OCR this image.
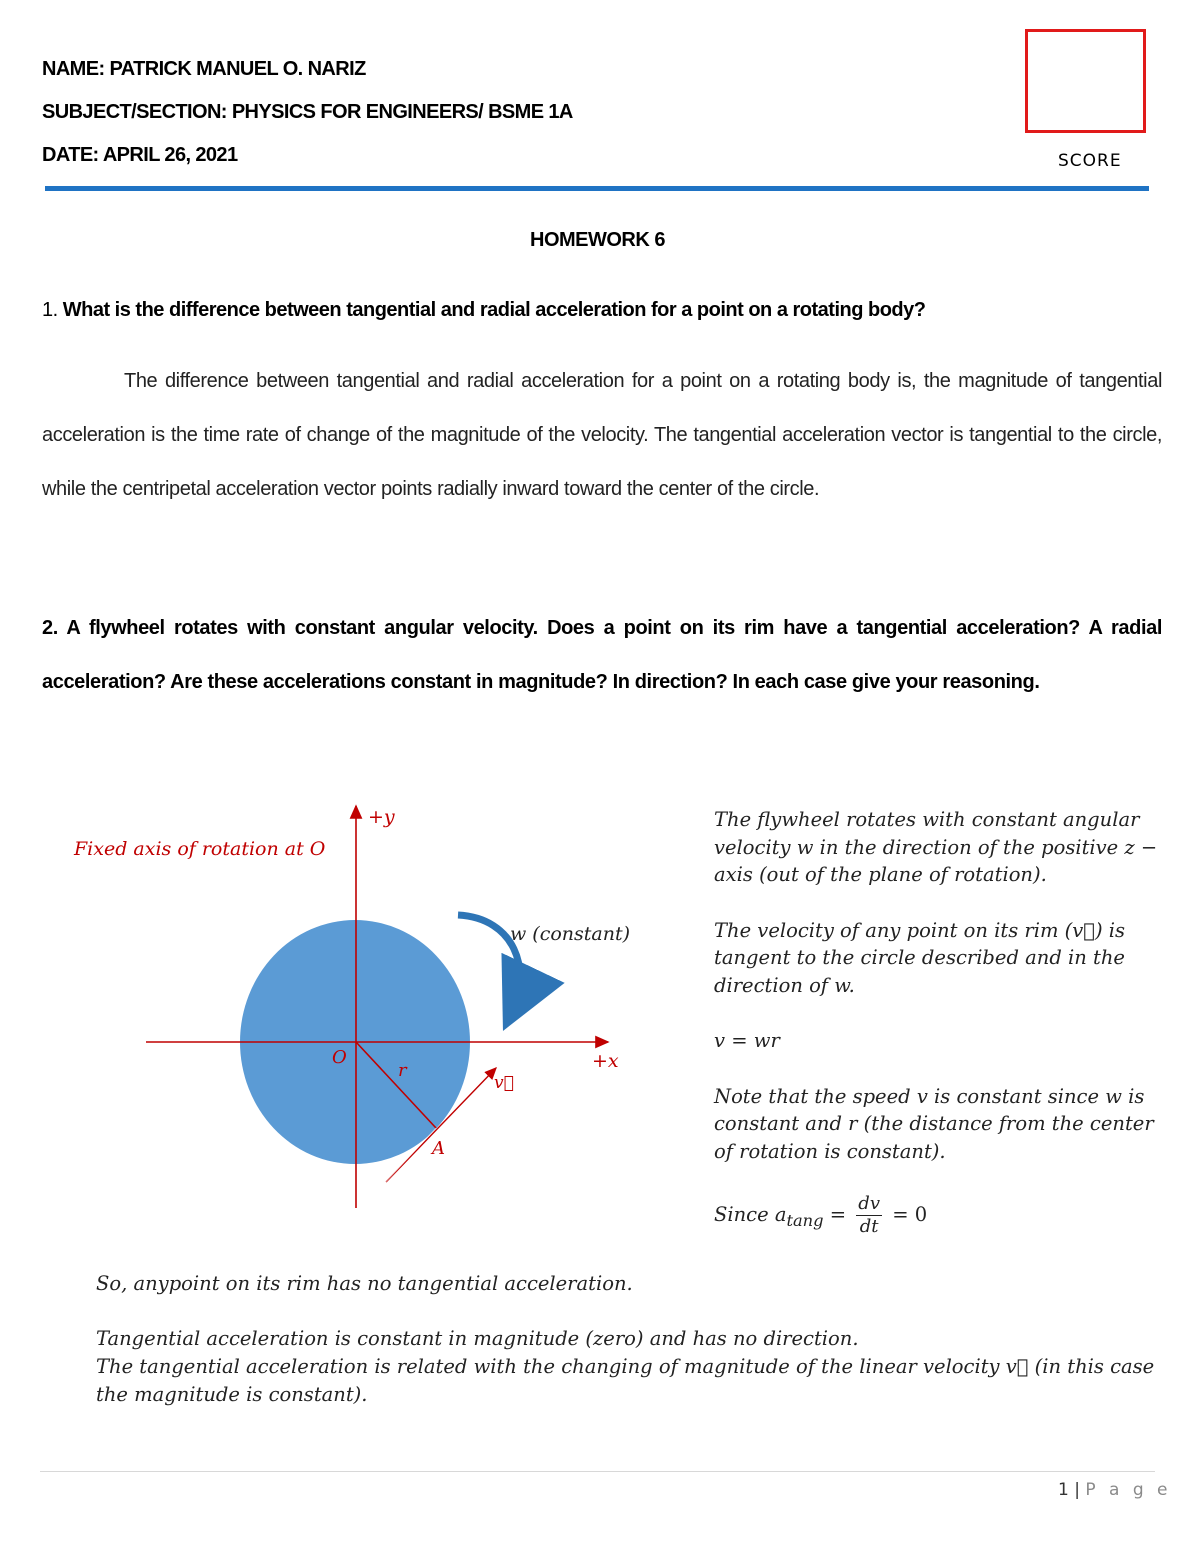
NAME: PATRICK MANUEL O. NARIZ
SUBJECT/SECTION: PHYSICS FOR ENGINEERS/ BSME 1A
DATE: APRIL 26, 2021	SCORE
HOMEWORK 6
1. What is the difference between tangential and radial acceleration for a point on a rotating body?
The difference between tangential and radial acceleration for a point on a rotating body is, the magnitude of tangential acceleration is the time rate of change of the magnitude of the velocity. The tangential acceleration vector is tangential to the circle, while the centripetal acceleration vector points radially inward toward the center of the circle.
2. A flywheel rotates with constant angular velocity. Does a point on its rim have a tangential acceleration? A radial acceleration? Are these accelerations constant in magnitude? In direction? In each case give your reasoning.
Fixed axis of rotation at O
+y
+x
O
r
A
v⃗
w (constant)

The flywheel rotates with constant angular velocity w in the direction of the positive z − axis (out of the plane of rotation).

The velocity of any point on its rim (v⃗) is tangent to the circle described and in the direction of w.

v = wr

Note that the speed v is constant since w is constant and r (the distance from the center of rotation is constant).

Since $a_{tang} = \frac{dv}{dt} = 0$

So, anypoint on its rim has no tangential acceleration.

Tangential acceleration is constant in magnitude (zero) and has no direction.
The tangential acceleration is related with the changing of magnitude of the linear velocity v⃗ (in this case the magnitude is constant).
1 | P a g e
